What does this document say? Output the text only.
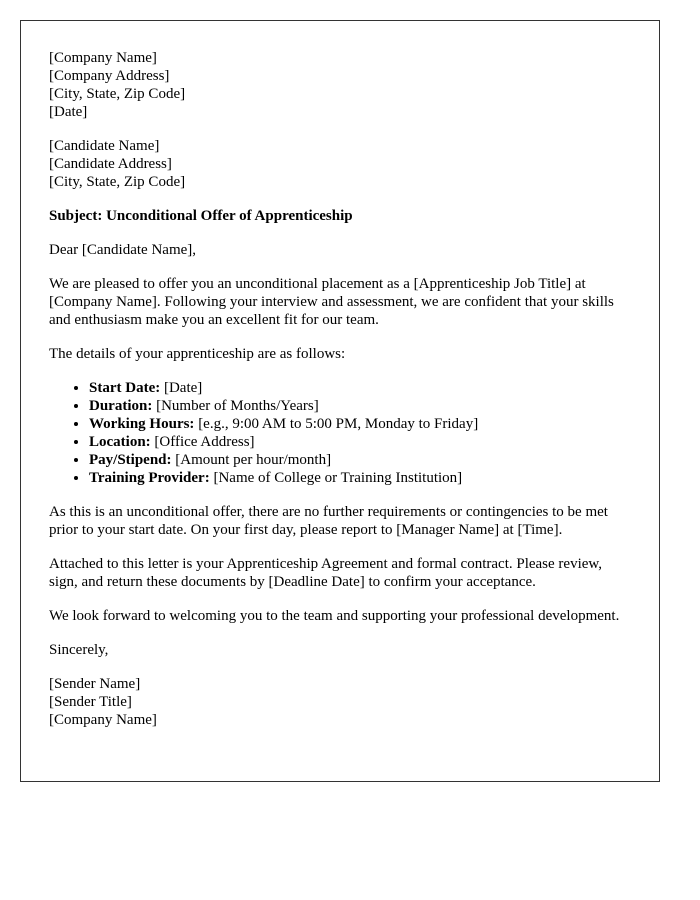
[Company Name]
[Company Address]
[City, State, Zip Code]
[Date]
[Candidate Name]
[Candidate Address]
[City, State, Zip Code]
Subject: Unconditional Offer of Apprenticeship

Dear [Candidate Name],

We are pleased to offer you an unconditional placement as a [Apprenticeship Job Title] at [Company Name]. Following your interview and assessment, we are confident that your skills and enthusiasm make you an excellent fit for our team.

The details of your apprenticeship are as follows:

• Start Date: [Date]
• Duration: [Number of Months/Years]
• Working Hours: [e.g., 9:00 AM to 5:00 PM, Monday to Friday]
• Location: [Office Address]
• Pay/Stipend: [Amount per hour/month]
• Training Provider: [Name of College or Training Institution]

As this is an unconditional offer, there are no further requirements or contingencies to be met prior to your start date. On your first day, please report to [Manager Name] at [Time].

Attached to this letter is your Apprenticeship Agreement and formal contract. Please review, sign, and return these documents by [Deadline Date] to confirm your acceptance.

We look forward to welcoming you to the team and supporting your professional development.

Sincerely,

[Sender Name]
[Sender Title]
[Company Name]
